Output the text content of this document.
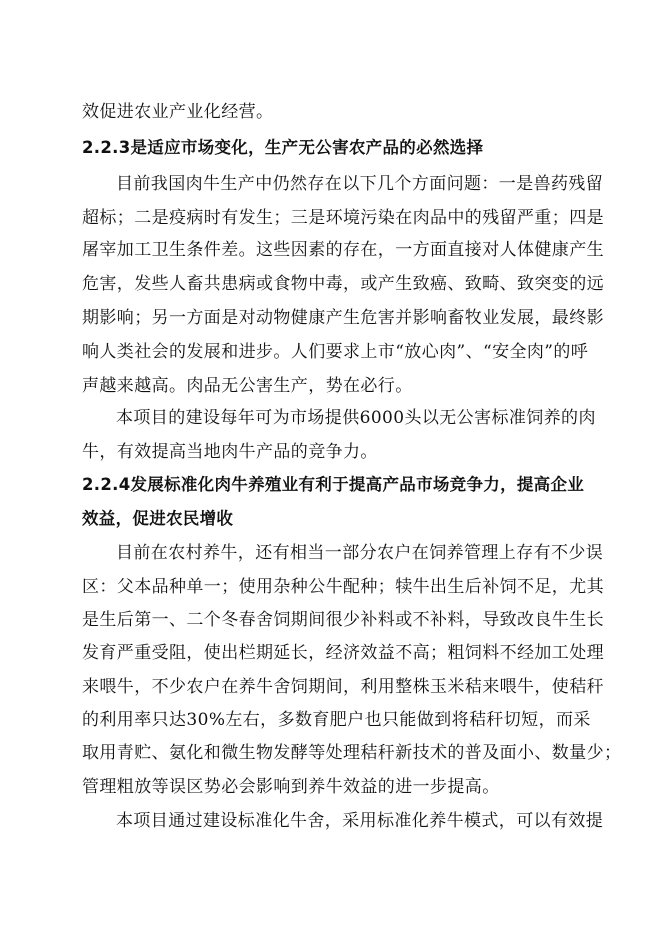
效促进农业产业化经营。
2.2.3是适应市场变化，生产无公害农产品的必然选择
目前我国肉牛生产中仍然存在以下几个方面问题：一是兽药残留
超标；二是疫病时有发生；三是环境污染在肉品中的残留严重；四是
屠宰加工卫生条件差。这些因素的存在，一方面直接对人体健康产生
危害，发些人畜共患病或食物中毒，或产生致癌、致畸、致突变的远
期影响；另一方面是对动物健康产生危害并影响畜牧业发展，最终影
响人类社会的发展和进步。人们要求上市“放心肉”、“安全肉”的呼
声越来越高。肉品无公害生产，势在必行。
本项目的建设每年可为市场提供6000头以无公害标准饲养的肉
牛，有效提高当地肉牛产品的竞争力。
2.2.4发展标准化肉牛养殖业有利于提高产品市场竞争力，提高企业
效益，促进农民增收
目前在农村养牛，还有相当一部分农户在饲养管理上存有不少误
区：父本品种单一；使用杂种公牛配种；犊牛出生后补饲不足，尤其
是生后第一、二个冬春舍饲期间很少补料或不补料，导致改良牛生长
发育严重受阻，使出栏期延长，经济效益不高；粗饲料不经加工处理
来喂牛，不少农户在养牛舍饲期间，利用整株玉米秸来喂牛，使秸秆
的利用率只达30%左右，多数育肥户也只能做到将秸秆切短，而采
取用青贮、氨化和微生物发酵等处理秸秆新技术的普及面小、数量少；
管理粗放等误区势必会影响到养牛效益的进一步提高。
本项目通过建设标准化牛舍，采用标准化养牛模式，可以有效提
